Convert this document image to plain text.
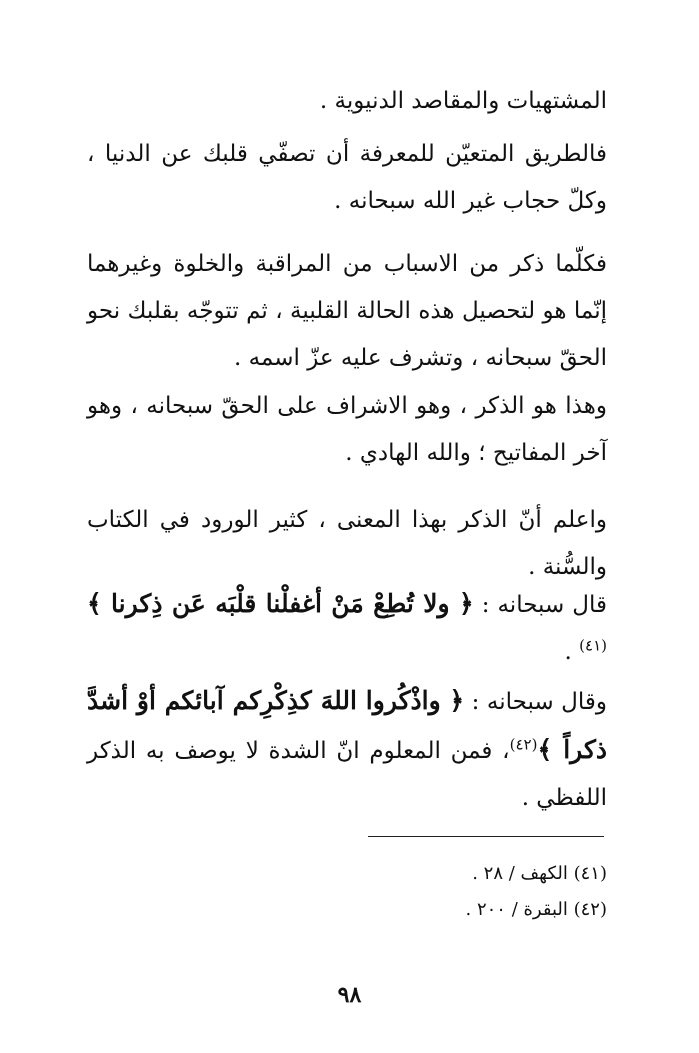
المشتهيات والمقاصد الدنيوية .
فالطريق المتعيّن للمعرفة أن تصفّي قلبك عن الدنيا ، وكلّ حجاب غير الله سبحانه .
فكلّما ذكر من الاسباب من المراقبة والخلوة وغيرهما إنّما هو لتحصيل هذه الحالة القلبية ، ثم تتوجّه بقلبك نحو الحقّ سبحانه ، وتشرف عليه عزّ اسمه .
وهذا هو الذكر ، وهو الاشراف على الحقّ سبحانه ، وهو آخر المفاتيح ؛ والله الهادي .
واعلم أنّ الذكر بهذا المعنى ، كثير الورود في الكتاب والسُّنة .
قال سبحانه : ﴿ ولا تُطِعْ مَنْ أغفلْنا قلْبَه عَن ذِكرنا ﴾$^{(٤١)}$ .
وقال سبحانه : ﴿ واذْكُروا اللهَ كذِكْرِكم آبائكم أوْ أشدَّ ذكراً ﴾$^{(٤٢)}$، فمن المعلوم انّ الشدة لا يوصف به الذكر اللفظي .
(٤١) الكهف / ٢٨ .
(٤٢) البقرة / ٢٠٠ .
٩٨
